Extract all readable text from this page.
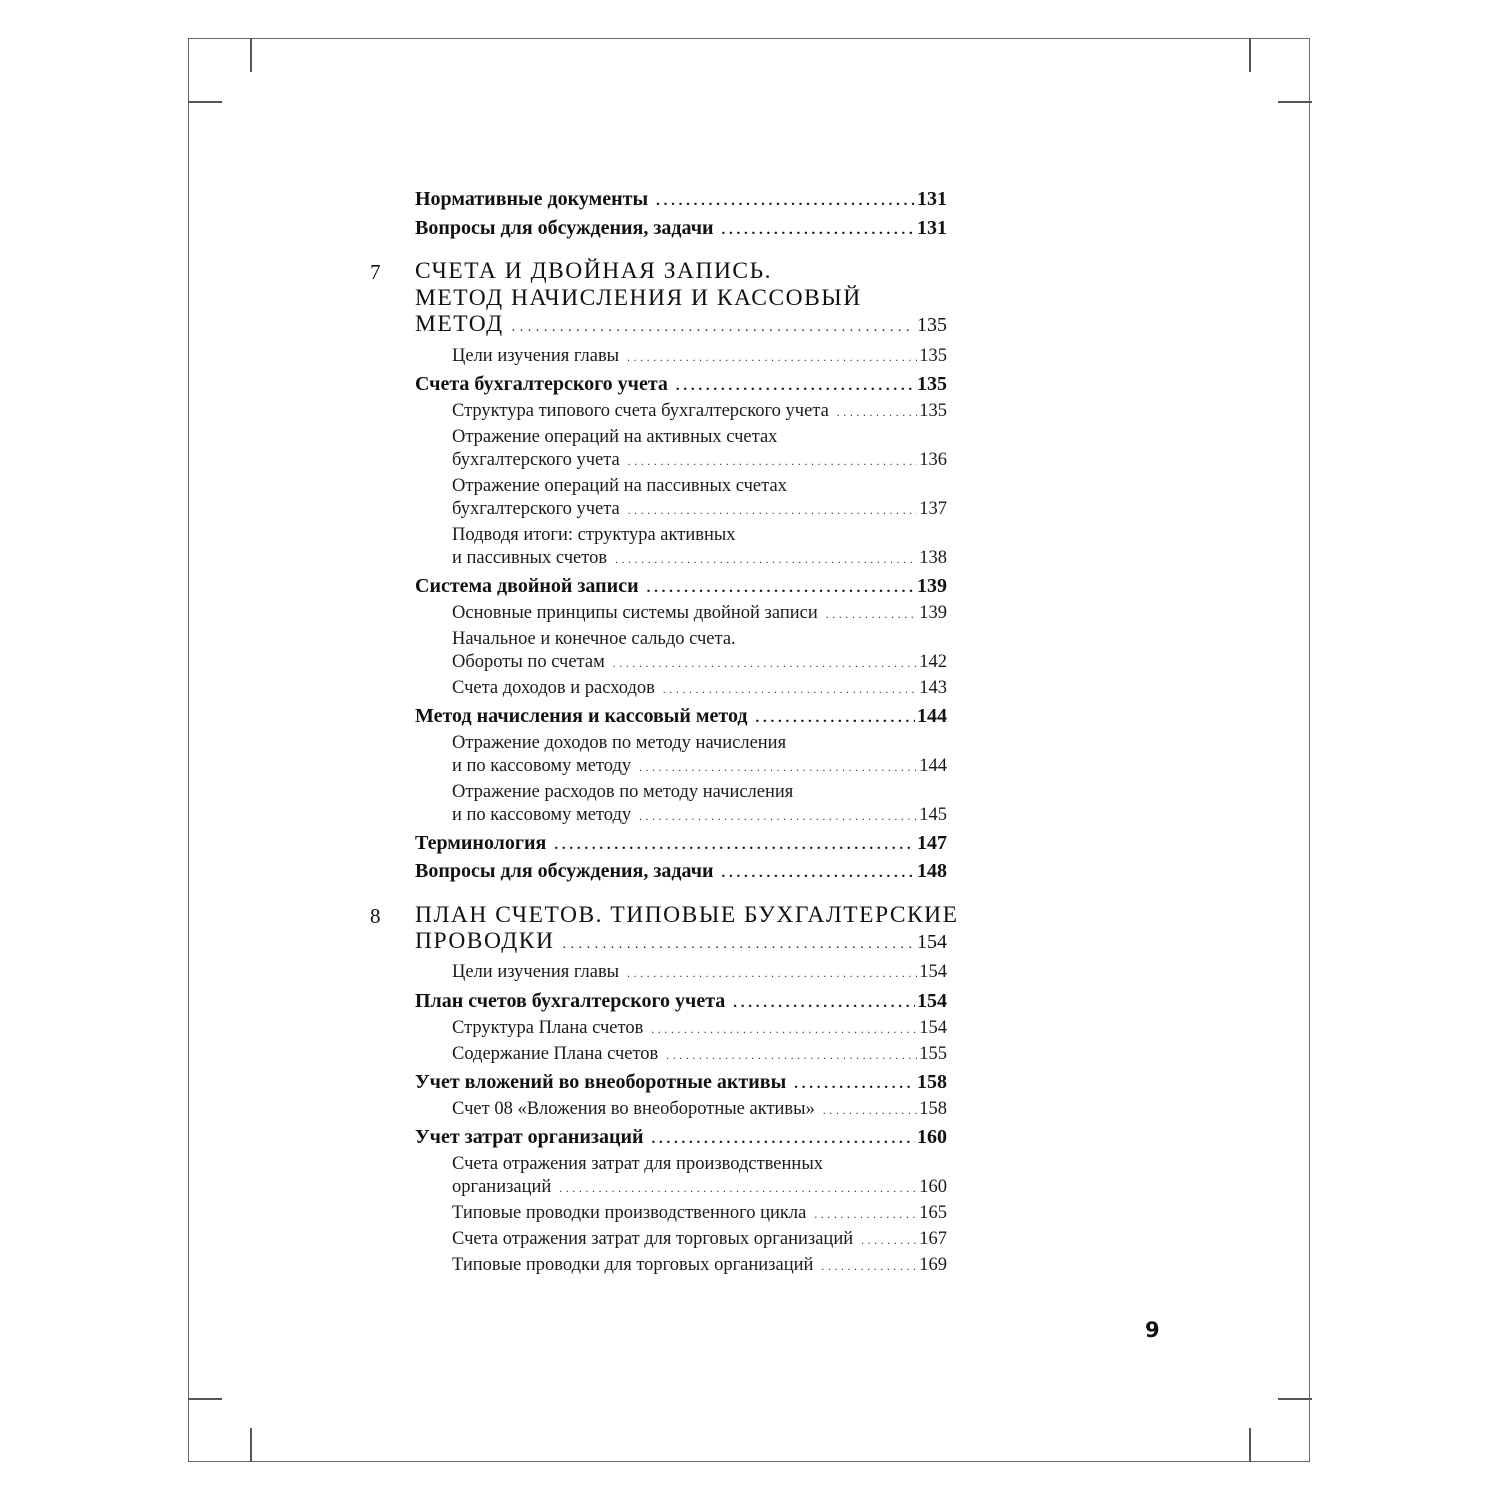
Нормативные документы . . .	131
Вопросы для обсуждения, задачи . . .	131
7 СЧЕТА И ДВОЙНАЯ ЗАПИСЬ.
МЕТОД НАЧИСЛЕНИЯ И КАССОВЫЙ
МЕТОД . . .	135
Цели изучения главы . . .	135
Счета бухгалтерского учета . . .	135
Структура типового счета бухгалтерского учета . . .	135
Отражение операций на активных счетах
бухгалтерского учета . . .	136
Отражение операций на пассивных счетах
бухгалтерского учета . . .	137
Подводя итоги: структура активных
и пассивных счетов . . .	138
Система двойной записи . . .	139
Основные принципы системы двойной записи . . .	139
Начальное и конечное сальдо счета.
Обороты по счетам . . .	142
Счета доходов и расходов . . .	143
Метод начисления и кассовый метод . . .	144
Отражение доходов по методу начисления
и по кассовому методу . . .	144
Отражение расходов по методу начисления
и по кассовому методу . . .	145
Терминология . . .	147
Вопросы для обсуждения, задачи . . .	148
8 ПЛАН СЧЕТОВ. ТИПОВЫЕ БУХГАЛТЕРСКИЕ
ПРОВОДКИ . . .	154
Цели изучения главы . . .	154
План счетов бухгалтерского учета . . .	154
Структура Плана счетов . . .	154
Содержание Плана счетов . . .	155
Учет вложений во внеоборотные активы . . .	158
Счет 08 «Вложения во внеоборотные активы» . . .	158
Учет затрат организаций . . .	160
Счета отражения затрат для производственных
организаций . . .	160
Типовые проводки производственного цикла . . .	165
Счета отражения затрат для торговых организаций . . .	167
Типовые проводки для торговых организаций . . .	169
9
